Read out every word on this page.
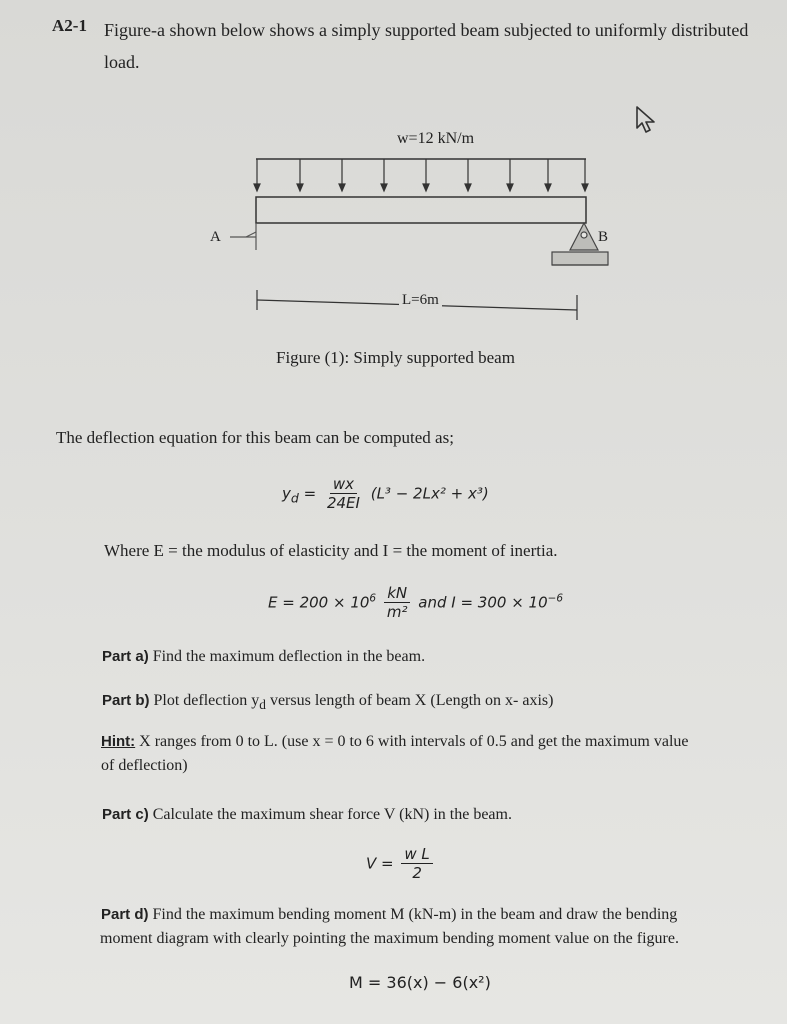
A2-1 Figure-a shown below shows a simply supported beam subjected to uniformly distributed
load.
w=12 kN/m
A	B
L=6m
Figure (1): Simply supported beam
The deflection equation for this beam can be computed as;
$y_d = \frac{wx}{24EI} (L^3 - 2Lx^2 + x^3)$
Where E = the modulus of elasticity and I = the moment of inertia.
$E = 200 \times 10^6 \frac{kN}{\text{m²}}$ and $I = 300 \times 10^{-6}$
Part a) Find the maximum deflection in the beam.
Part b) Plot deflection $y_d$ versus length of beam X (Length on x- axis)
Hint: X ranges from 0 to L. (use x = 0 to 6 with intervals of 0.5 and get the maximum value
of deflection)
Part c) Calculate the maximum shear force V (kN) in the beam.
$V = \frac{\text{w L}}{2}$
Part d) Find the maximum bending moment M (kN-m) in the beam and draw the bending
moment diagram with clearly pointing the maximum bending moment value on the figure.
M = 36(x) − 6(x²)
